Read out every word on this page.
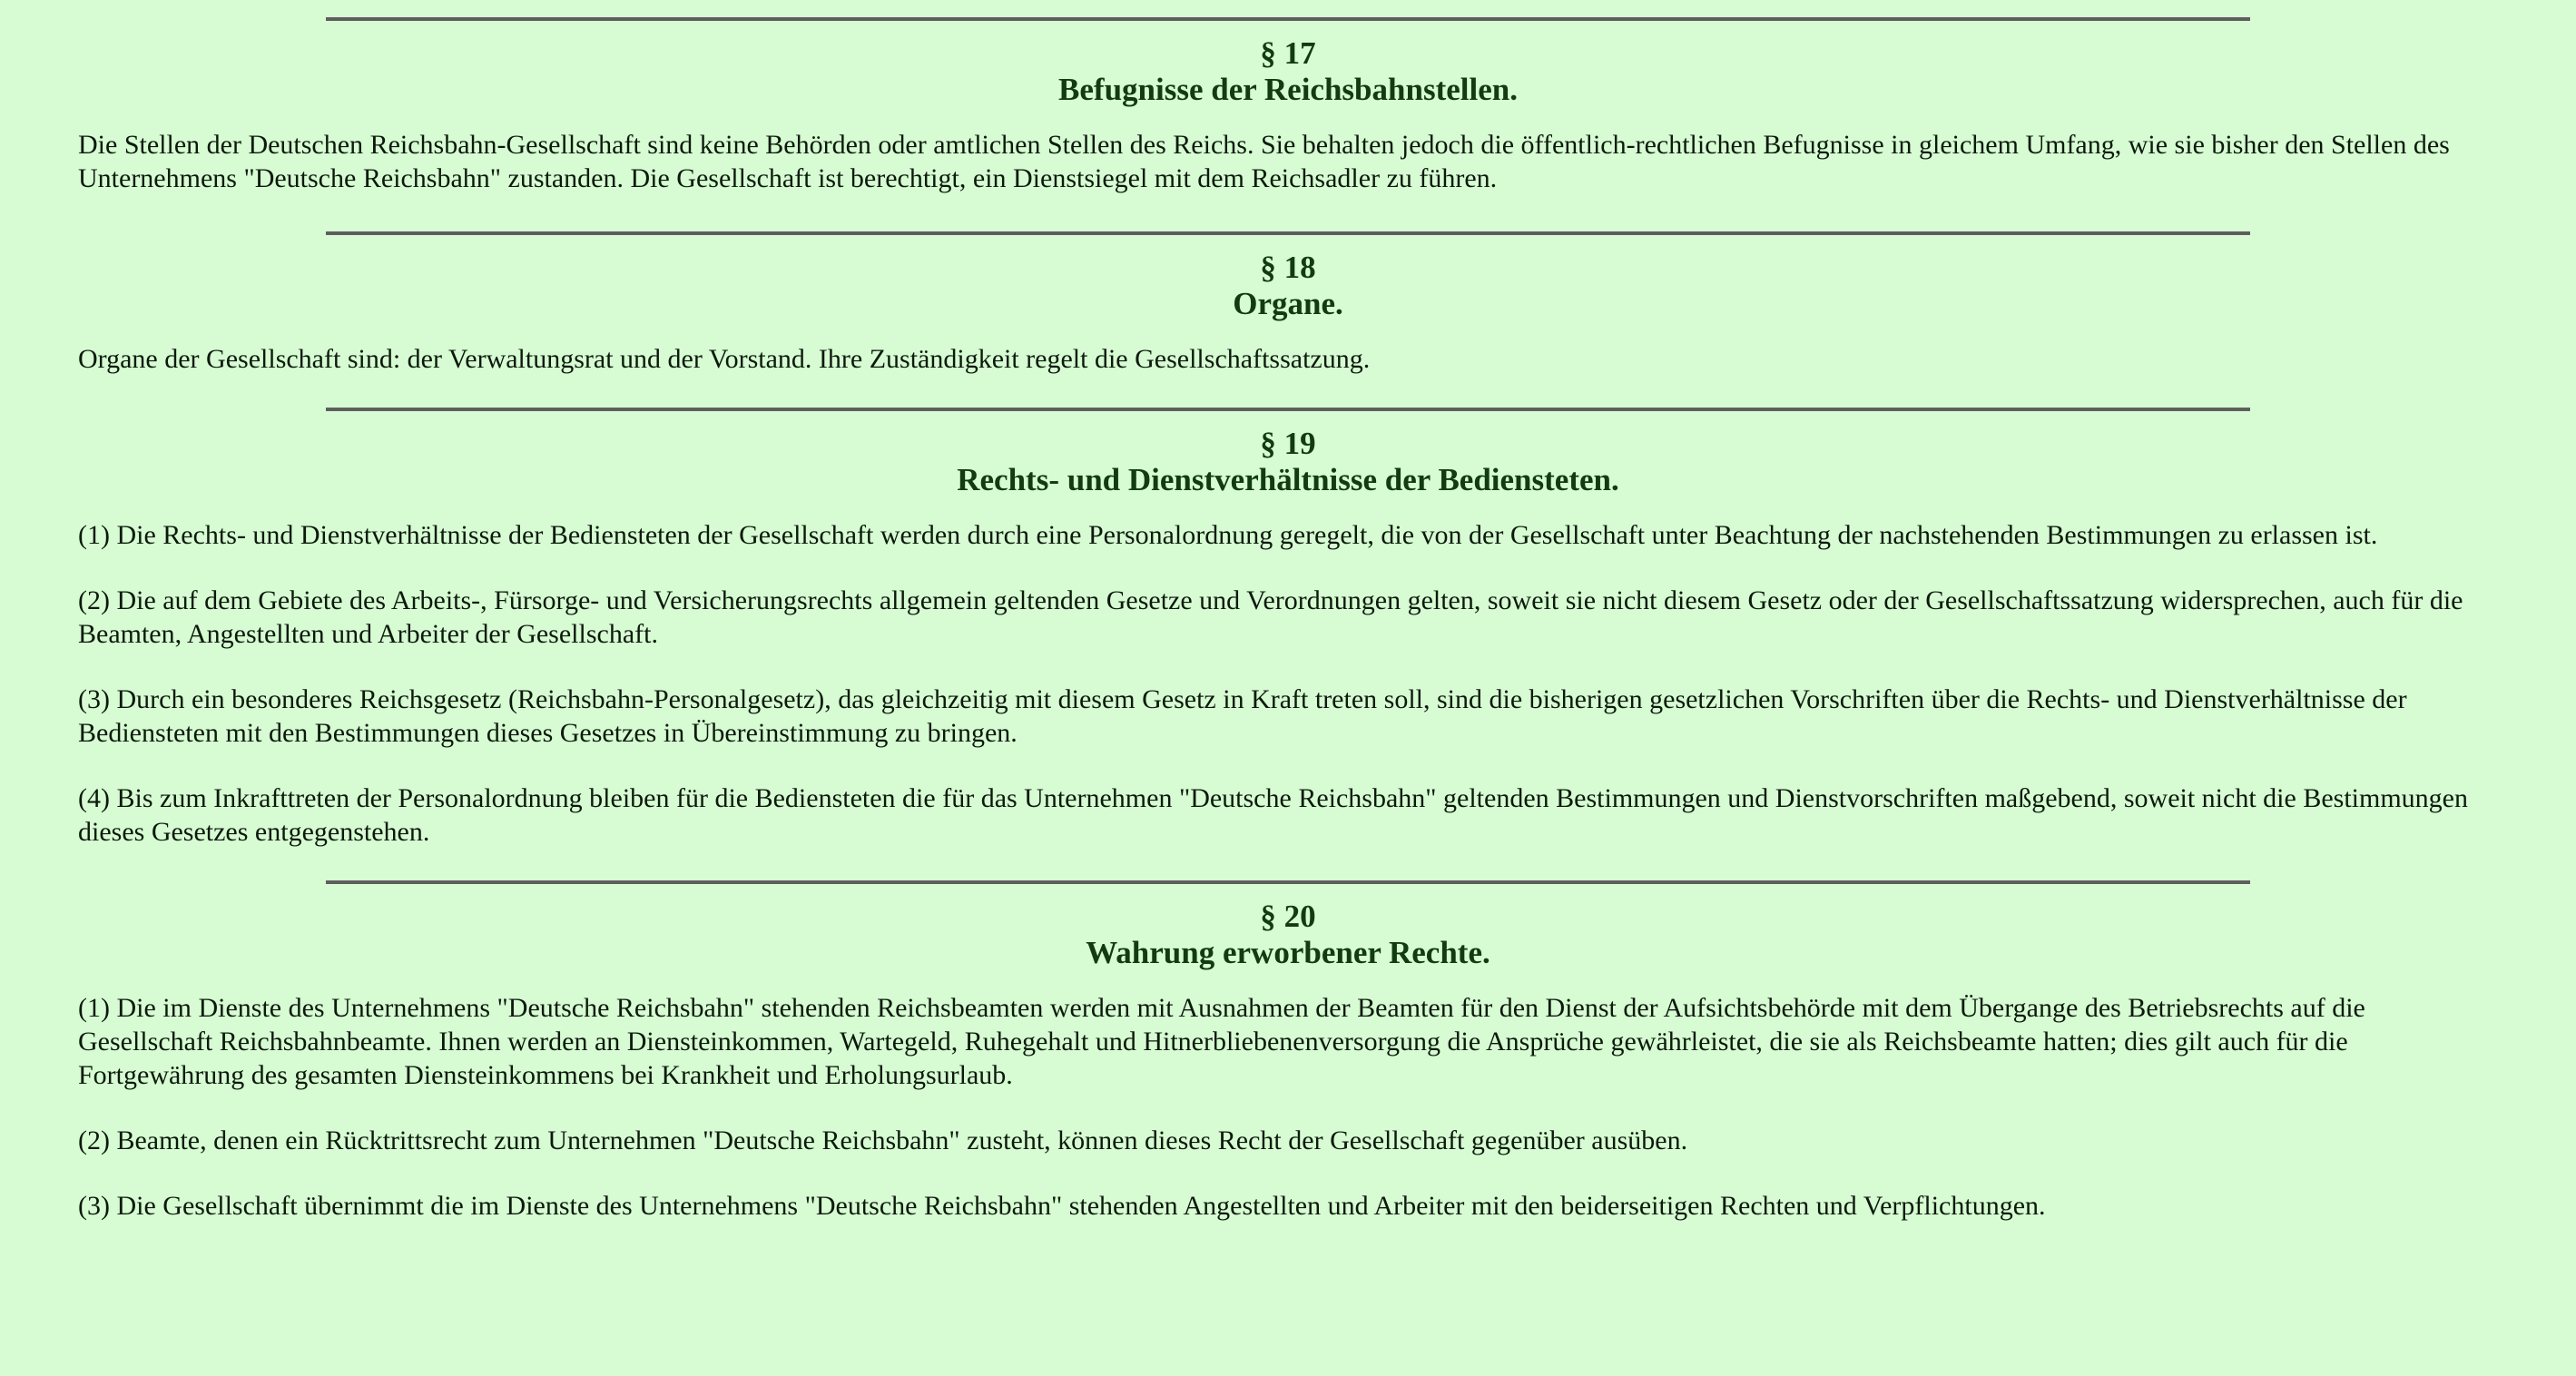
§ 17
Befugnisse der Reichsbahnstellen.

Die Stellen der Deutschen Reichsbahn-Gesellschaft sind keine Behörden oder amtlichen Stellen des Reichs. Sie behalten jedoch die öffentlich-rechtlichen Befugnisse in gleichem Umfang, wie sie bisher den Stellen des Unternehmens "Deutsche Reichsbahn" zustanden. Die Gesellschaft ist berechtigt, ein Dienstsiegel mit dem Reichsadler zu führen.

§ 18
Organe.

Organe der Gesellschaft sind: der Verwaltungsrat und der Vorstand. Ihre Zuständigkeit regelt die Gesellschaftssatzung.

§ 19
Rechts- und Dienstverhältnisse der Bediensteten.

(1) Die Rechts- und Dienstverhältnisse der Bediensteten der Gesellschaft werden durch eine Personalordnung geregelt, die von der Gesellschaft unter Beachtung der nachstehenden Bestimmungen zu erlassen ist.

(2) Die auf dem Gebiete des Arbeits-, Fürsorge- und Versicherungsrechts allgemein geltenden Gesetze und Verordnungen gelten, soweit sie nicht diesem Gesetz oder der Gesellschaftssatzung widersprechen, auch für die Beamten, Angestellten und Arbeiter der Gesellschaft.

(3) Durch ein besonderes Reichsgesetz (Reichsbahn-Personalgesetz), das gleichzeitig mit diesem Gesetz in Kraft treten soll, sind die bisherigen gesetzlichen Vorschriften über die Rechts- und Dienstverhältnisse der Bediensteten mit den Bestimmungen dieses Gesetzes in Übereinstimmung zu bringen.

(4) Bis zum Inkrafttreten der Personalordnung bleiben für die Bediensteten die für das Unternehmen "Deutsche Reichsbahn" geltenden Bestimmungen und Dienstvorschriften maßgebend, soweit nicht die Bestimmungen dieses Gesetzes entgegenstehen.

§ 20
Wahrung erworbener Rechte.

(1) Die im Dienste des Unternehmens "Deutsche Reichsbahn" stehenden Reichsbeamten werden mit Ausnahmen der Beamten für den Dienst der Aufsichtsbehörde mit dem Übergange des Betriebsrechts auf die Gesellschaft Reichsbahnbeamte. Ihnen werden an Diensteinkommen, Wartegeld, Ruhegehalt und Hitnerbliebenenversorgung die Ansprüche gewährleistet, die sie als Reichsbeamte hatten; dies gilt auch für die Fortgewährung des gesamten Diensteinkommens bei Krankheit und Erholungsurlaub.

(2) Beamte, denen ein Rücktrittsrecht zum Unternehmen "Deutsche Reichsbahn" zusteht, können dieses Recht der Gesellschaft gegenüber ausüben.

(3) Die Gesellschaft übernimmt die im Dienste des Unternehmens "Deutsche Reichsbahn" stehenden Angestellten und Arbeiter mit den beiderseitigen Rechten und Verpflichtungen.
